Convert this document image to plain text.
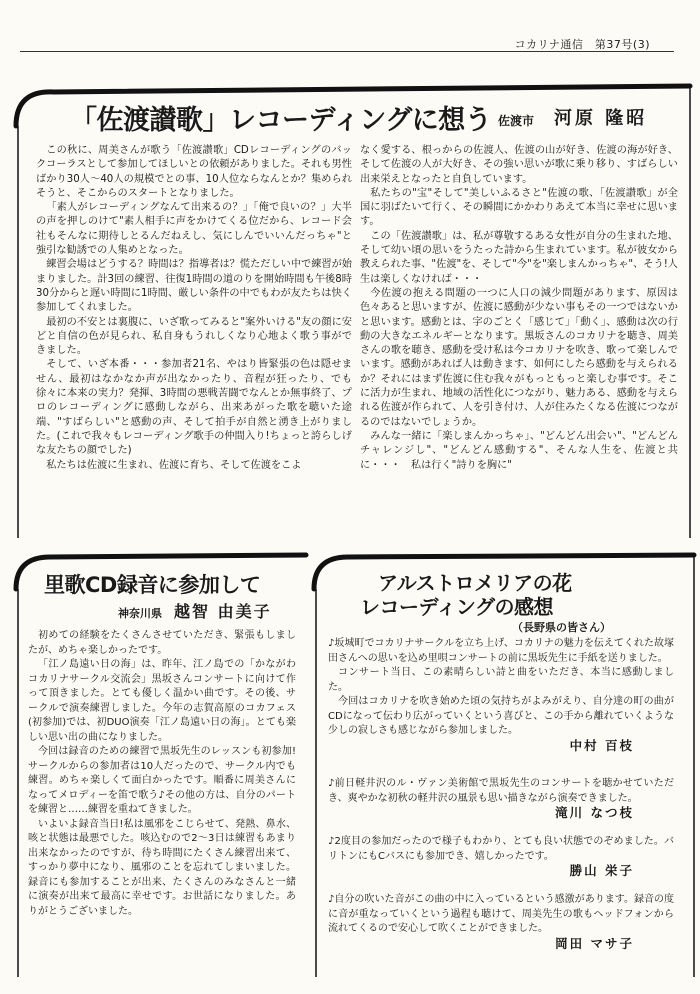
コカリナ通信　第37号(3)
「佐渡讃歌」レコーディングに想う 佐渡市 河原 隆昭

この秋に、周美さんが歌う「佐渡讃歌」CDレコーディングのバックコーラスとして参加してほしいとの依頼がありました。それも男性ばかり30人～40人の規模でとの事、10人位ならなんとか？集められそうと、そこからのスタートとなりました。

「素人がレコーディングなんて出来るの？」「俺で良いの？」大半の声を押しのけて"素人相手に声をかけてくる位だから、レコード会社もそんなに期待しとるんだねえし、気にしんでいいんだっちゃ"と強引な勧誘での人集めとなった。

練習会場はどうする？時間は？指導者は？慌ただしい中で練習が始まりました。計3回の練習、往復1時間の道のりを開始時間も午後8時30分からと遅い時間に1時間、厳しい条件の中でもわが友たちは快く参加してくれました。

最初の不安とは裏腹に、いざ歌ってみると"案外いける"友の顔に安どと自信の色が見られ、私自身もうれしくなり心地よく歌う事ができました。

そして、いざ本番・・・参加者21名、やはり皆緊張の色は隠せません、最初はなかなか声が出なかったり、音程が狂ったり、でも徐々に本来の実力？発揮、3時間の悪戦苦闘でなんとか無事終了、プロのレコーディングに感動しながら、出来あがった歌を聴いた途端、"すばらしい"と感動の声、そして拍手が自然と湧き上がりました。(これで我々もレコーディング歌手の仲間入り!ちょっと誇らしげな友たちの顔でした)

私たちは佐渡に生まれ、佐渡に育ち、そして佐渡をこよ

なく愛する、根っからの佐渡人、佐渡の山が好き、佐渡の海が好き、そして佐渡の人が大好き、その強い思いが歌に乗り移り、すばらしい出来栄えとなったと自負しています。

私たちの"宝"そして"美しいふるさと"佐渡の歌、「佐渡讃歌」が全国に羽ばたいて行く、その瞬間にかかわりあえて本当に幸せに思います。

この「佐渡讃歌」は、私が尊敬するある女性が自分の生まれた地、そして幼い頃の思いをうたった詩から生まれています。私が彼女から教えられた事、"佐渡"を、そして"今"を"楽しまんかっちゃ"、そう!人生は楽しくなければ・・・

今佐渡の抱える問題の一つに人口の減少問題があります、原因は色々あると思いますが、佐渡に感動が少ない事もその一つではないかと思います。感動とは、字のごとく「感じて」「動く」、感動は次の行動の大きなエネルギーとなります。黒坂さんのコカリナを聴き、周美さんの歌を聴き、感動を受け私は今コカリナを吹き、歌って楽しんでいます。感動があれば人は動きます、如何にしたら感動を与えられるか？それにはまず佐渡に住む我々がもっともっと楽しむ事です。そこに活力が生まれ、地域の活性化につながり、魅力ある、感動を与えられる佐渡が作られて、人を引き付け、人が住みたくなる佐渡につながるのではないでしょうか。

みんな一緒に「楽しまんかっちゃ」、"どんどん出会い"、"どんどんチャレンジし"、"どんどん感動する"、そんな人生を、佐渡と共に・・・　私は行く"詩りを胸に"

里歌CD録音に参加して
神奈川県 越智 由美子

初めての経験をたくさんさせていただき、緊張もしましたが、めちゃ楽しかったです。

「江ノ島遠い日の海」は、昨年、江ノ島での「かながわコカリナサークル交流会」黒坂さんコンサートに向けて作って頂きました。とても優しく温かい曲です。その後、サークルで演奏練習しました。今年の志賀高原のコカフェス(初参加)では、初DUO演奏「江ノ島遠い日の海」。とても楽しい思い出の曲になりました。

今回は録音のための練習で黒坂先生のレッスンも初参加!サークルからの参加者は10人だったので、サークル内でも練習。めちゃ楽しくて面白かったです。順番に周美さんになってメロディーを笛で歌う♪その他の方は、自分のパートを練習と……練習を重ねてきました。

いよいよ録音当日!私は風邪をこじらせて、発熱、鼻水、咳と状態は最悪でした。咳込むので2～3日は練習もあまり出来なかったのですが、待ち時間にたくさん練習出来て、すっかり夢中になり、風邪のことを忘れてしまいました。録音にも参加することが出来、たくさんのみなさんと一緒に演奏が出来て最高に幸せです。お世話になりました。ありがとうございました。

アルストロメリアの花
レコーディングの感想
（長野県の皆さん）

♪坂城町でコカリナサークルを立ち上げ、コカリナの魅力を伝えてくれた故塚田さんへの思いを込め里唄コンサートの前に黒坂先生に手紙を送りました。

コンサート当日、この素晴らしい詩と曲をいただき、本当に感動しました。

今回はコカリナを吹き始めた頃の気持ちがよみがえり、自分達の町の曲がCDになって伝わり広がっていくという喜びと、この手から離れていくような少しの寂しさも感じながら参加しました。

中村 百枝

♪前日軽井沢のル・ヴァン美術館で黒坂先生のコンサートを聴かせていただき、爽やかな初秋の軽井沢の風景も思い描きながら演奏できました。

滝川 なつ枝

♪2度目の参加だったので様子もわかり、とても良い状態でのぞめました。バリトンにもCバスにも参加でき、嬉しかったです。

勝山 栄子

♪自分の吹いた音がこの曲の中に入っているという感激があります。録音の度に音が重なっていくという過程も聴けて、周美先生の歌もヘッドフォンから流れてくるので安心して吹くことができました。

岡田 マサ子
